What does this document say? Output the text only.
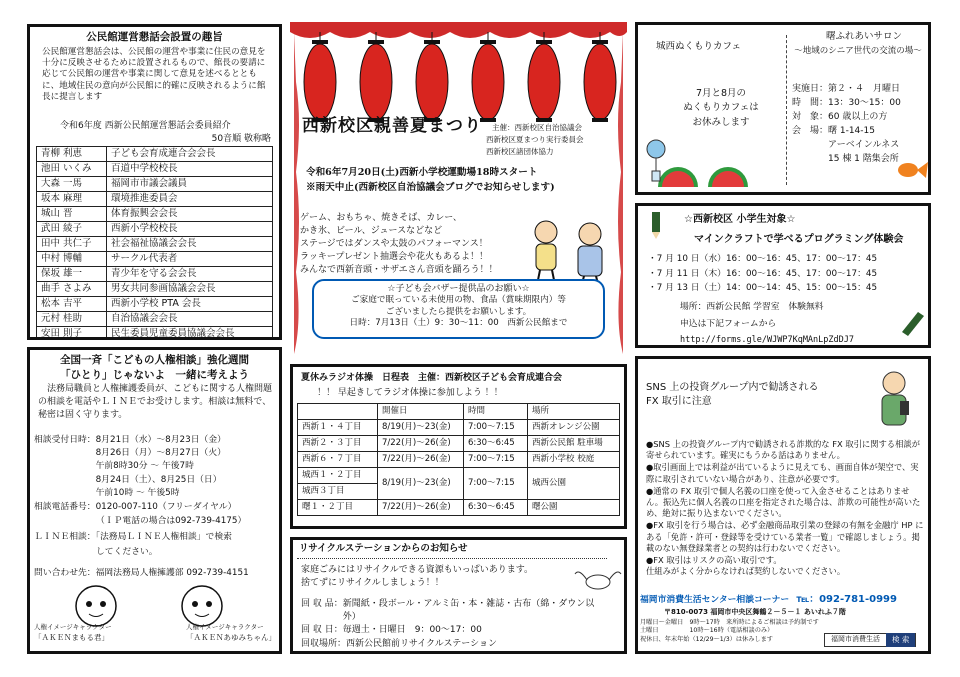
公民館運営懇話会設置の趣旨
公民館運営懇話会は、公民館の運営や事業に住民の意見を十分に反映させるために設置されるもので、館長の要請に応じて公民館の運営や事業に関して意見を述べるとともに、地域住民の意向が公民館に的確に反映されるように館長に提言します
令和6年度 西新公民館運営懇話会委員紹介
50音順 敬称略
青柳 利恵	子ども会育成連合会会長
池田 いくみ	百道中学校校長
大森 一馬	福岡市市議会議員
坂本 麻理	環境推進委員会
城山 晋	体育振興会会長
武田 綾子	西新小学校校長
田中 共仁子	社会福祉協議会会長
中村 博輔	サークル代表者
保坂 雄一	青少年を守る会会長
曲手 さよみ	男女共同参画協議会会長
松本 吉平	西新小学校 PTA 会長
元村 桂助	自治協議会会長
安田 則子	民生委員児童委員協議会会長
西新校区親善夏まつり 主催：西新校区自治協議会
西新校区夏まつり実行委員会
西新校区諸団体協力
令和6年7月20日(土)西新小学校運動場18時スタート
※雨天中止(西新校区自治協議会ブログでお知らせします)
ゲーム、おもちゃ、焼きそば、カレー、
かき氷、ビール、ジュースなどなど
ステージではダンスや太鼓のパフォーマンス！
ラッキープレゼント抽選会や花火もあるよ！！
みんなで西新音頭・サザエさん音頭を踊ろう！！
☆子ども会バザー提供品のお願い☆
ご家庭で眠っている未使用の物、食品（賞味期限内）等
ございましたら提供をお願いします。
日時：7月13日（土）9：30～11：00　西新公民館まで
城西ぬくもりカフェ
7月と8月の
ぬくもりカフェは
お休みします
曙ふれあいサロン
～地域のシニア世代の交流の場～
実施日：第２・４　月曜日
時　間：13：30～15：00
対　象：60 歳以上の方
会　場：曙 1-14-15
　　　　アーベインルネス
　　　　15 棟 1 階集会所
☆西新校区 小学生対象☆
マインクラフトで学べるプログラミング体験会
・7 月 10 日（水）16：00～16：45、17：00～17：45
・7 月 11 日（木）16：00～16：45、17：00～17：45
・7 月 13 日（土）14：00～14：45、15：00～15：45
場所：西新公民館 学習室　体験無料
申込は下記フォームから
http://forms.gle/WJWP7KqMAnLpZdDJ7
全国一斉「こどもの人権相談」強化週間
「ひとり」じゃないよ　一緒に考えよう
法務局職員と人権擁護委員が、こどもに関する人権問題の相談を電話やＬＩＮＥでお受けします。相談は無料で、秘密は固く守ります。
相談受付日時：8月21日（水）～8月23日（金）
　　　　　　　8月26日（月）～8月27日（火）
　　　　　　　午前8時30分 ～ 午後7時
　　　　　　　8月24日（土）、8月25日（日）
　　　　　　　午前10時 ～ 午後5時
相談電話番号：0120-007-110（フリーダイヤル）
（ＩＰ電話の場合は092-739-4175）
ＬＩＮＥ相談：「法務局ＬＩＮＥ人権相談」で検索
してください。
問い合わせ先：福岡法務局人権擁護部 092-739-4151
人権イメージキャラクター
「ＡＫＥＮまもる君」
人権イメージキャラクター
「ＡＫＥＮあゆみちゃん」
夏休みラジオ体操　日程表　主催：西新校区子ども会育成連合会
！！ 早起きしてラジオ体操に参加しよう ！！
	開催日	時間	場所
西新１・４丁目	8/19(月)～23(金)	7:00～7:15	西新オレンジ公園
西新２・３丁目	7/22(月)～26(金)	6:30～6:45	西新公民館 駐車場
西新６・７丁目	7/22(月)～26(金)	7:00～7:15	西新小学校 校庭
城西１・２丁目	8/19(月)～23(金)	7:00～7:15	城西公園
城西３丁目			
曙１・２丁目	7/22(月)～26(金)	6:30～6:45	曙公園
リサイクルステーションからのお知らせ
家庭ごみにはリサイクルできる資源もいっぱいあります。
捨てずにリサイクルしましょう！！
回 収 品： 新聞紙・段ボール・アルミ缶・本・雑誌・古布（綿・ダウン以外）
回 収 日：毎週土・日曜日　9：00～17：00
回収場所：西新公民館前リサイクルステーション
SNS 上の投資グループ内で勧誘される
FX 取引に注意
●SNS 上の投資グループ内で勧誘される詐欺的な FX 取引に関する相談が寄せられています。確実にもうかる話はありません。
●取引画面上では利益が出ているように見えても、画面自体が架空で、実際に取引されていない場合があり、注意が必要です。
●通常の FX 取引で個人名義の口座を使って入金させることはありません。振込先に個人名義の口座を指定された場合は、詐欺の可能性が高いため、絶対に振り込まないでください。
●FX 取引を行う場合は、必ず金融商品取引業の登録の有無を金融庁 HP にある「免許・許可・登録等を受けている業者一覧」で確認しましょう。掲載のない無登録業者との契約は行わないでください。
●FX 取引はリスクの高い取引です。
仕組みがよく分からなければ契約しないでください。
福岡市消費生活センター相談コーナー ℡：092-781-0999
〒810-0073 福岡市中央区舞鶴２－５－１ あいれふ７階
月曜日～金曜日　9時～17時　来所時によるご相談は予約制です
土曜日　　　　　10時～16時（電話相談のみ）
祝休日、年末年始（12/29～1/3）は休みします	福岡市消費生活	検 索
